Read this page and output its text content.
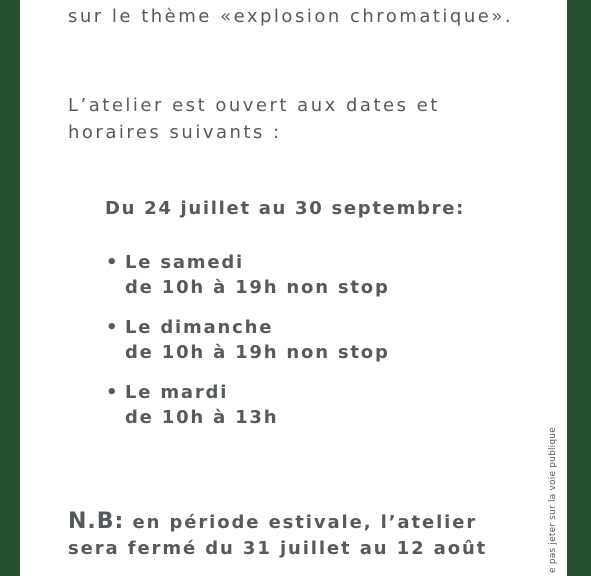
sur le thème «explosion chromatique».

L’atelier est ouvert aux dates et
horaires suivants :

Du 24 juillet au 30 septembre:

• Le samedi
de 10h à 19h non stop
• Le dimanche
de 10h à 19h non stop
• Le mardi
de 10h à 13h

N.B: en période estivale, l’atelier
sera fermé du 31 juillet au 12 août	e pas jeter sur la voie publique
